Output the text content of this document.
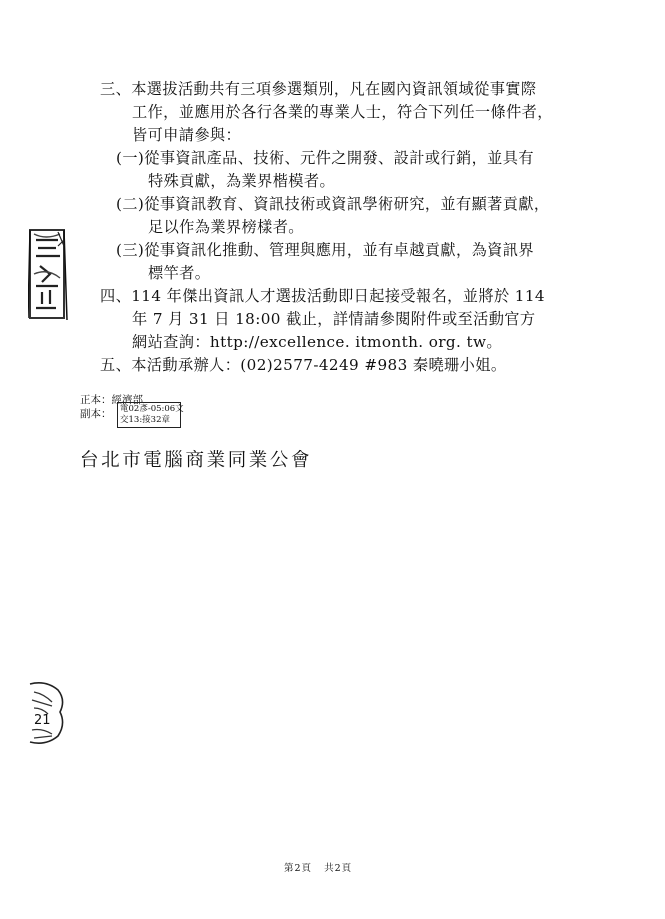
21
三、本選拔活動共有三項參選類別，凡在國內資訊領域從事實際
工作，並應用於各行各業的專業人士，符合下列任一條件者，
皆可申請參與：
(一)從事資訊產品、技術、元件之開發、設計或行銷，並具有
特殊貢獻，為業界楷模者。
(二)從事資訊教育、資訊技術或資訊學術研究，並有顯著貢獻，
足以作為業界榜樣者。
(三)從事資訊化推動、管理與應用，並有卓越貢獻，為資訊界
標竿者。
四、114 年傑出資訊人才選拔活動即日起接受報名，並將於 114
年 7 月 31 日 18:00 截止，詳情請參閱附件或至活動官方
網站查詢：http://excellence. itmonth. org. tw。
五、本活動承辦人：(02)2577-4249 #983 秦曉珊小姐。
正本：經濟部
副本： 電02彥-05:06文
交13:接32章
台北市電腦商業同業公會
第2頁 共2頁
